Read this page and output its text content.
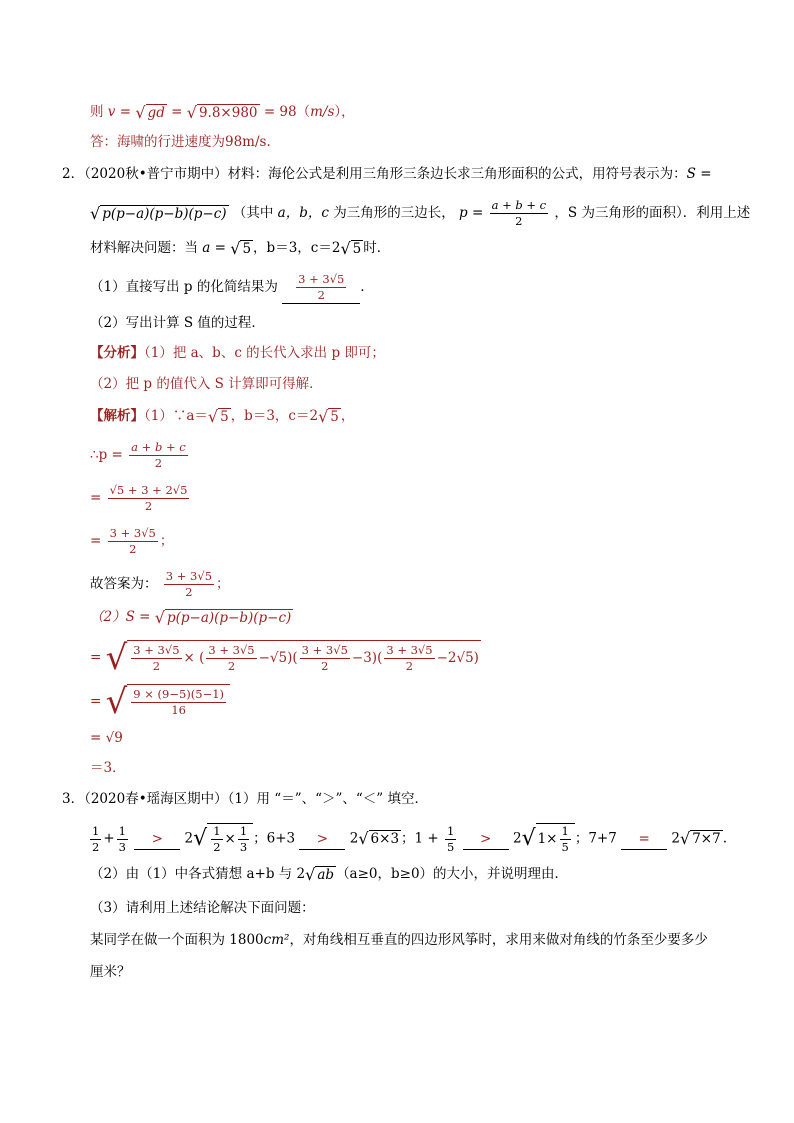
则 v = √ gd = √ 9.8×980 = 98（m/s），
答：海啸的行进速度为98m/s.
2．（2020秋•普宁市期中）材料：海伦公式是利用三角形三条边长求三角形面积的公式，用符号表示为：S =
√ p(p−a)(p−b)(p−c) （其中 a，b，c 为三角形的三边长， $p = \frac{a + b + c}{2}$ ，S 为三角形的面积）．利用上述
材料解决问题：当 a = √ 5 ，b＝3，c＝2√ 5 时．
（1）直接写出 p 的化简结果为 $\frac{3 + 3√5}{2}$ ．
（2）写出计算 S 值的过程．
【分析】（1）把 a、b、c 的长代入求出 p 即可；
（2）把 p 的值代入 S 计算即可得解．
【解析】（1）∵a＝√ 5 ，b＝3，c＝2√ 5 ，
∴p = $\frac{a + b + c}{2}$
= $\frac{√5 + 3 + 2√5}{2}$
= $\frac{3 + 3√5}{2}$ ；
故答案为： $\frac{3 + 3√5}{2}$ ；
（2）S = √ p(p−a)(p−b)(p−c)
= √ $\frac{3 + 3√5}{2}$ × ( $\frac{3 + 3√5}{2} -√5)( \frac{3 + 3√5}{2} -3)( \frac{3 + 3√5}{2} -2√5)$
= √ $\frac{9 \times (9-5)(5-1)}{16}$
= √9
＝3．
3．（2020春•瑶海区期中）（1）用 “＝”、“＞”、“＜” 填空．
$\frac{1}{2} + \frac{1}{3} > 2√ \frac{1}{2} \times \frac{1}{3}$ ；6+3 > 2√ 6×3 ；$1 + \frac{1}{5} > 2√$ $1\times \frac{1}{5}$ ；7+7 = 2√ 7×7 .
（2）由（1）中各式猜想 a+b 与 2√ ab （a≥0，b≥0）的大小，并说明理由．
（3）请利用上述结论解决下面问题：
某同学在做一个面积为 1800cm²，对角线相互垂直的四边形风筝时，求用来做对角线的竹条至少要多少
厘米？
